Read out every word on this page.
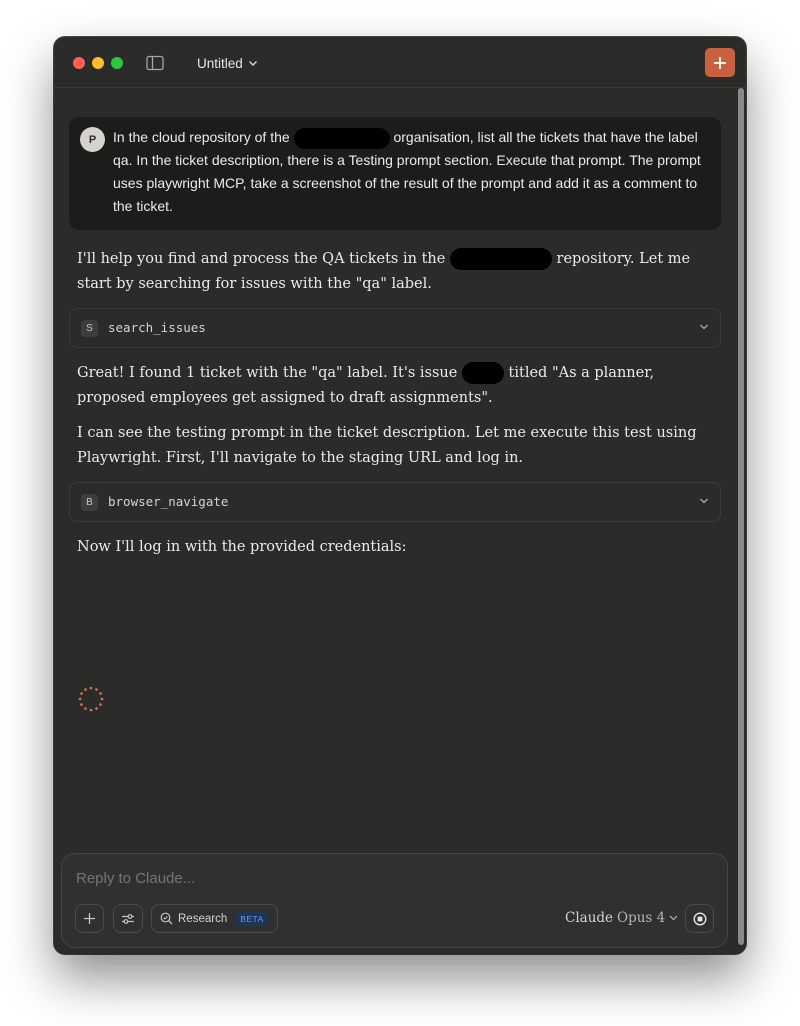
Untitled
P	In the cloud repository of the	organisation, list all the tickets that have the label qa. In the ticket description, there is a Testing prompt section. Execute that prompt. The prompt uses playwright MCP, take a screenshot of the result of the prompt and add it as a comment to the ticket.
I'll help you find and process the QA tickets in the	repository. Let me start by searching for issues with the "qa" label.
S	search_issues
Great! I found 1 ticket with the "qa" label. It's issue	titled "As a planner, proposed employees get assigned to draft assignments".
I can see the testing prompt in the ticket description. Let me execute this test using Playwright. First, I'll navigate to the staging URL and log in.
B	browser_navigate
Now I'll log in with the provided credentials:
Reply to Claude...
Research	BETA	Claude Opus 4
